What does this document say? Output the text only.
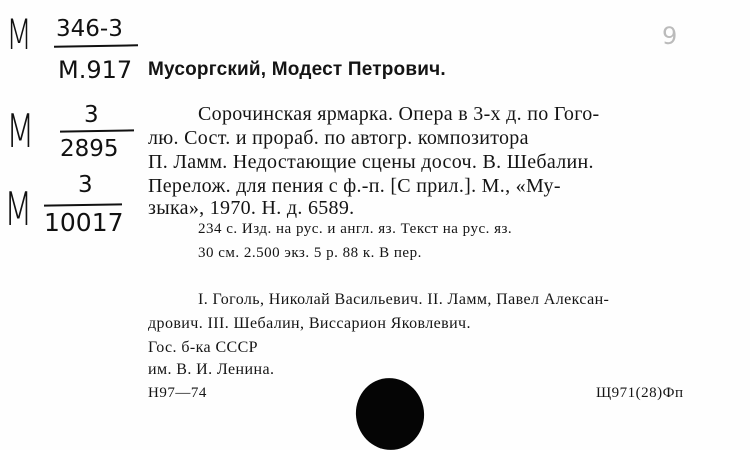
M 346-3
M.917
M 3
2895
M 3
10017
9
Мусоргский, Модест Петрович.
Сорочинская ярмарка. Опера в 3-х д. по Гого-
лю. Сост. и прораб. по автогр. композитора
П. Ламм. Недостающие сцены досоч. В. Шебалин.
Перелож. для пения с ф.-п. [С прил.]. М., «Му-
зыка», 1970. Н. д. 6589.
234 с. Изд. на рус. и англ. яз. Текст на рус. яз.
30 см. 2.500 экз. 5 р. 88 к. В пер.
I. Гоголь, Николай Васильевич. II. Ламм, Павел Алексан-
дрович. III. Шебалин, Виссарион Яковлевич.
Гос. б-ка СССР
им. В. И. Ленина.
Н97—74	Щ971(28)Фп
